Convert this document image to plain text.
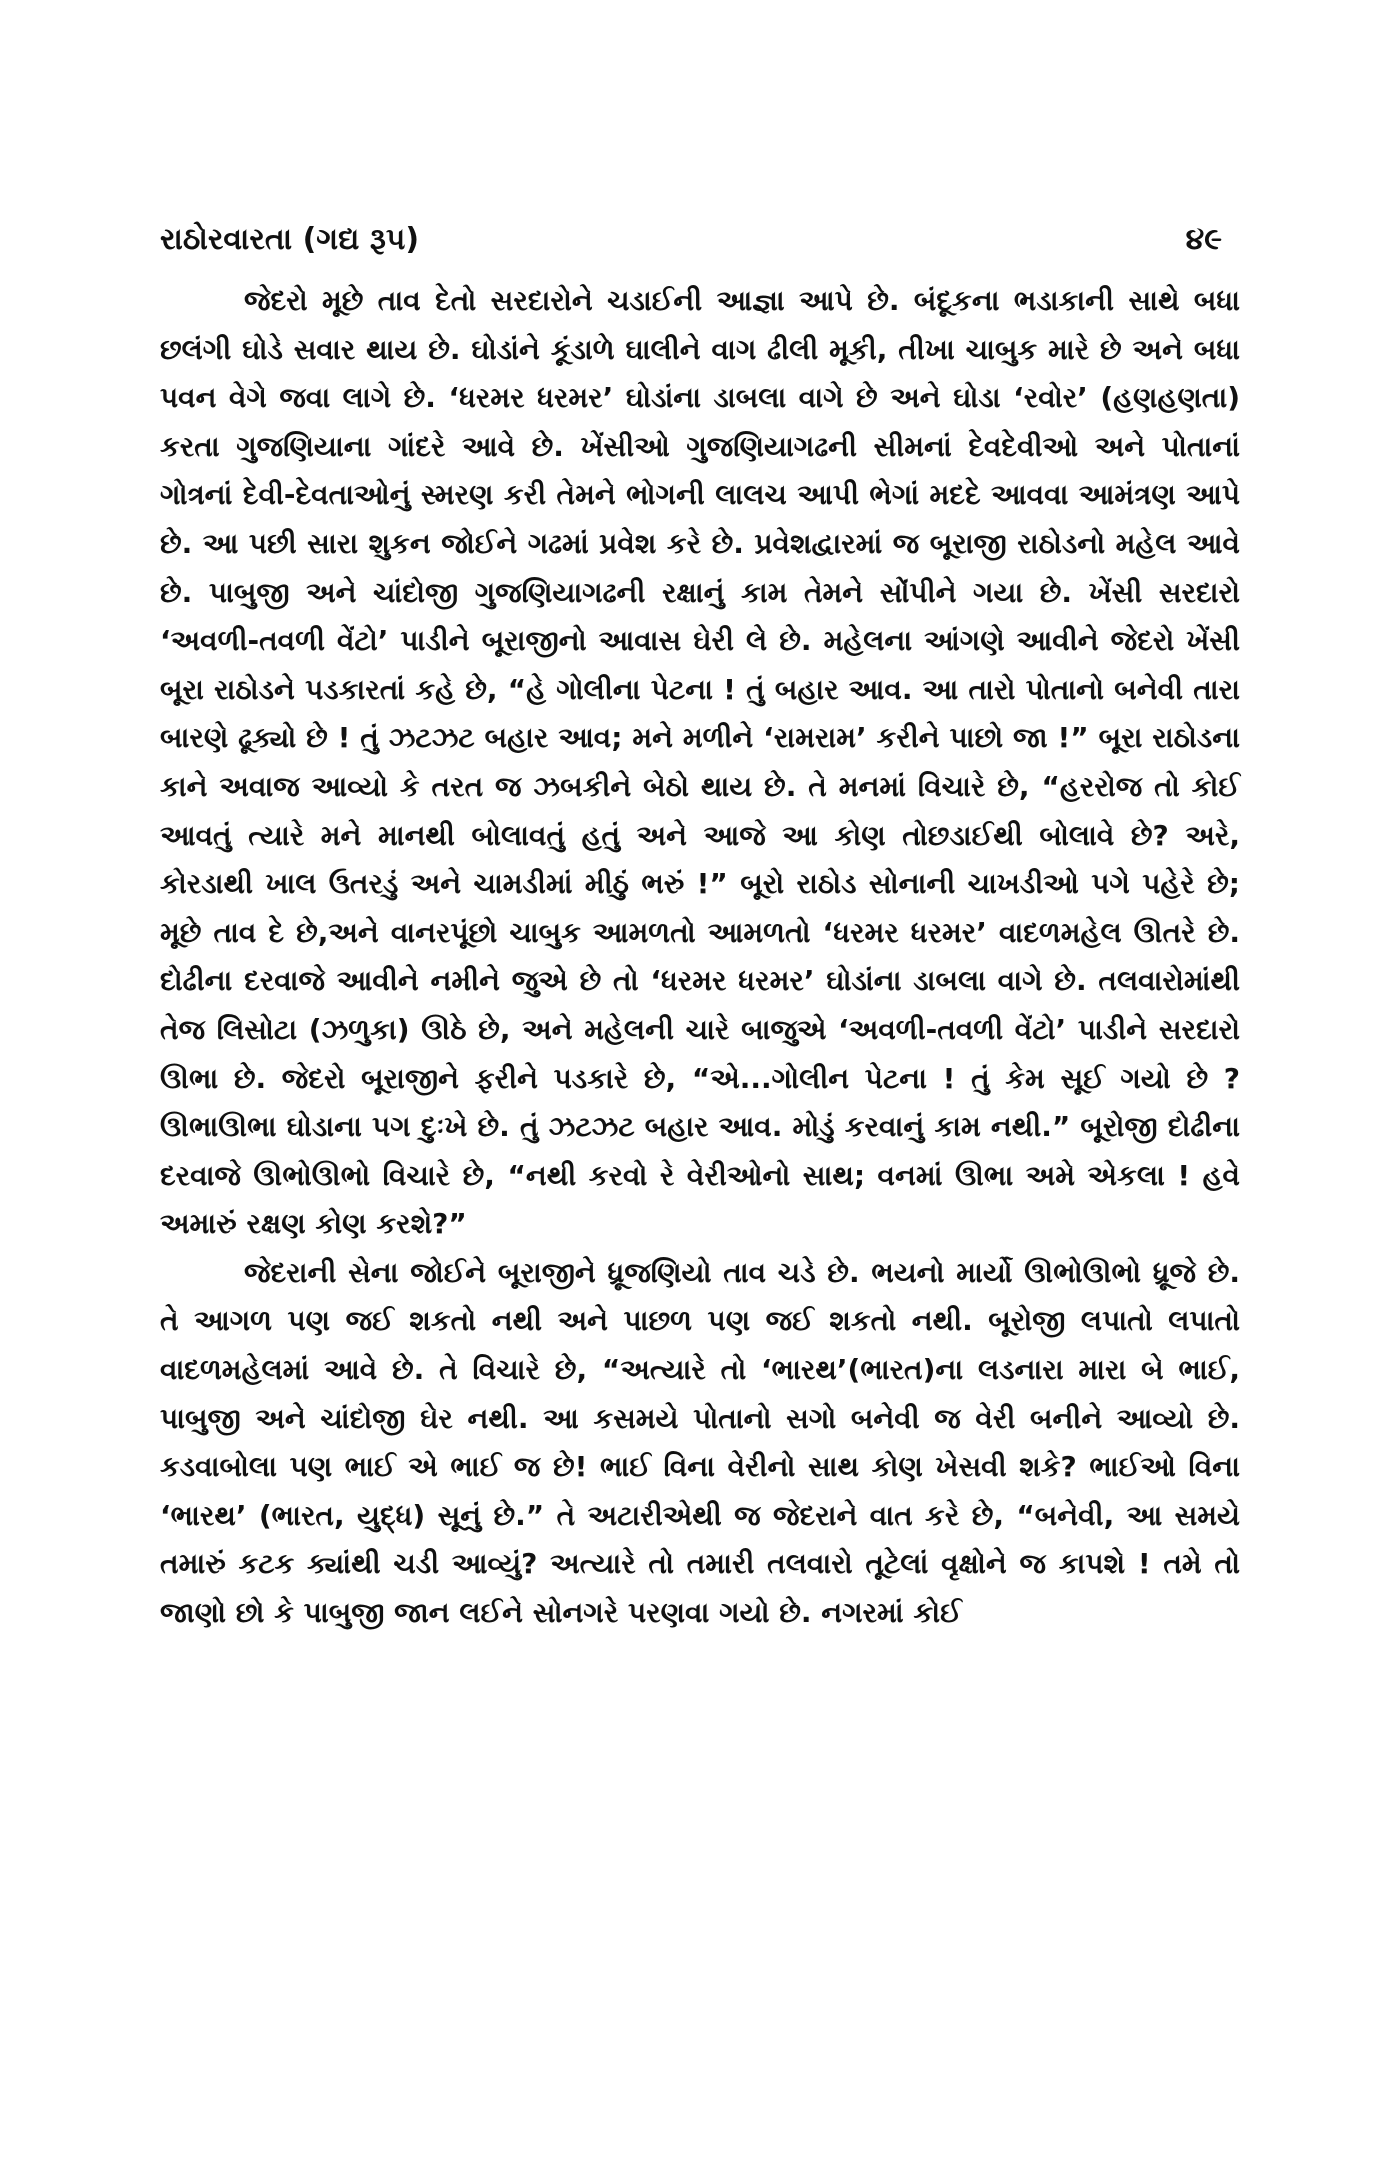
રાઠોરવારતા (ગદ્ય રૂપ)	૪૯

જેદરો મૂછે તાવ દેતો સરદારોને ચડાઈની આજ્ઞા આપે છે. બંદૂકના ભડાકાની સાથે બધા છલંગી ઘોડે સવાર થાય છે. ઘોડાંને કૂંડાળે ઘાલીને વાગ ઢીલી મૂકી, તીખા ચાબુક મારે છે અને બધા પવન વેગે જવા લાગે છે. ‘ધરમર ધરમર’ ઘોડાંના ડાબલા વાગે છે અને ઘોડા ‘રવોર’ (હણહણતા) કરતા ગુજણિયાના ગાંદરે આવે છે. ખેંસીઓ ગુજણિયાગઢની સીમનાં દેવદેવીઓ અને પોતાનાં ગોત્રનાં દેવી-દેવતાઓનું સ્મરણ કરી તેમને ભોગની લાલચ આપી ભેગાં મદદે આવવા આમંત્રણ આપે છે. આ પછી સારા શુકન જોઈને ગઢમાં પ્રવેશ કરે છે. પ્રવેશદ્વારમાં જ બૂરાજી રાઠોડનો મહેલ આવે છે. પાબુજી અને ચાંદોજી ગુજણિયાગઢની રક્ષાનું કામ તેમને સોંપીને ગયા છે. ખેંસી સરદારો ‘અવળી-તવળી વેંટો’ પાડીને બૂરાજીનો આવાસ ઘેરી લે છે. મહેલના આંગણે આવીને જેદરો ખેંસી બૂરા રાઠોડને પડકારતાં કહે છે, “હે ગોલીના પેટના ! તું બહાર આવ. આ તારો પોતાનો બનેવી તારા બારણે ઢૂક્યો છે ! તું ઝટઝટ બહાર આવ; મને મળીને ‘રામરામ’ કરીને પાછો જા !” બૂરા રાઠોડના કાને અવાજ આવ્યો કે તરત જ ઝબકીને બેઠો થાય છે. તે મનમાં વિચારે છે, “હરરોજ તો કોઈ આવતું ત્યારે મને માનથી બોલાવતું હતું અને આજે આ કોણ તોછડાઈથી બોલાવે છે? અરે, કોરડાથી ખાલ ઉતરડું અને ચામડીમાં મીઠું ભરું !” બૂરો રાઠોડ સોનાની ચાખડીઓ પગે પહેરે છે; મૂછે તાવ દે છે,અને વાનરપૂંછો ચાબુક આમળતો આમળતો ‘ધરમર ધરમર’ વાદળમહેલ ઊતરે છે. દોઢીના દરવાજે આવીને નમીને જુએ છે તો ‘ધરમર ધરમર’ ઘોડાંના ડાબલા વાગે છે. તલવારોમાંથી તેજ લિસોટા (ઝળુકા) ઊઠે છે, અને મહેલની ચારે બાજુએ ‘અવળી-તવળી વેંટો’ પાડીને સરદારો ઊભા છે. જેદરો બૂરાજીને ફરીને પડકારે છે, “એ...ગોલીન પેટના ! તું કેમ સૂઈ ગયો છે ? ઊભાઊભા ઘોડાના પગ દુઃખે છે. તું ઝટઝટ બહાર આવ. મોડું કરવાનું કામ નથી.” બૂરોજી દોઢીના દરવાજે ઊભોઊભો વિચારે છે, “નથી કરવો રે વેરીઓનો સાથ; વનમાં ઊભા અમે એકલા ! હવે અમારું રક્ષણ કોણ કરશે?”

જેદરાની સેના જોઈને બૂરાજીને ધ્રૂજણિયો તાવ ચડે છે. ભયનો માર્યો ઊભોઊભો ધ્રૂજે છે. તે આગળ પણ જઈ શકતો નથી અને પાછળ પણ જઈ શકતો નથી. બૂરોજી લપાતો લપાતો વાદળમહેલમાં આવે છે. તે વિચારે છે, “અત્યારે તો ‘ભારથ’(ભારત)ના લડનારા મારા બે ભાઈ, પાબુજી અને ચાંદોજી ઘેર નથી. આ કસમયે પોતાનો સગો બનેવી જ વેરી બનીને આવ્યો છે. કડવાબોલા પણ ભાઈ એ ભાઈ જ છે! ભાઈ વિના વેરીનો સાથ કોણ ખેસવી શકે? ભાઈઓ વિના ‘ભારથ’ (ભારત, યુદ્ધ) સૂનું છે.” તે અટારીએથી જ જેદરાને વાત કરે છે, “બનેવી, આ સમયે તમારું કટક ક્યાંથી ચડી આવ્યું? અત્યારે તો તમારી તલવારો તૂટેલાં વૃક્ષોને જ કાપશે ! તમે તો જાણો છો કે પાબુજી જાન લઈને સોનગરે પરણવા ગયો છે. નગરમાં કોઈ
